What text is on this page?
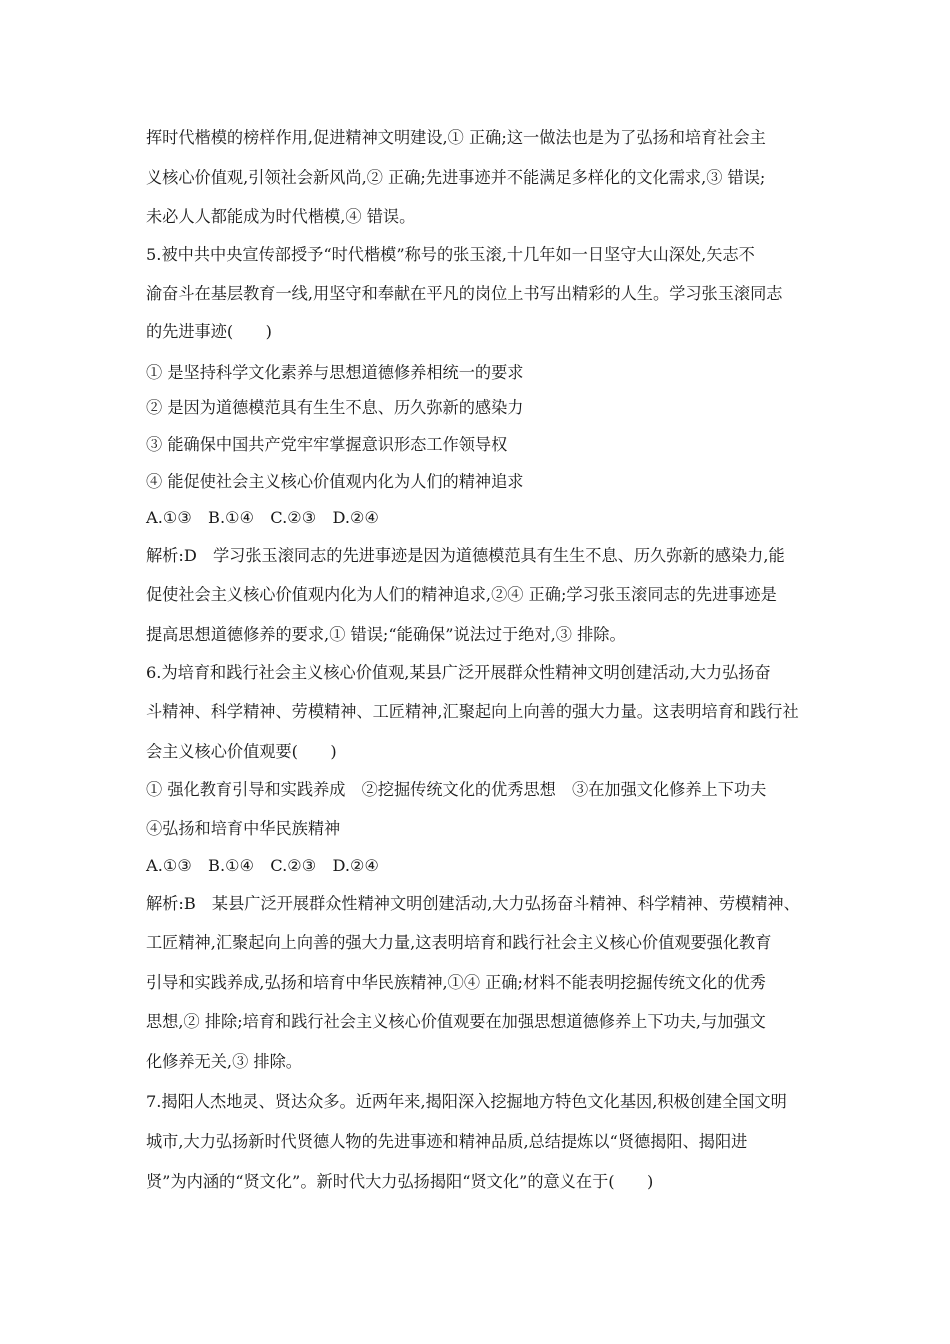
挥时代楷模的榜样作用,促进精神文明建设,① 正确;这一做法也是为了弘扬和培育社会主
义核心价值观,引领社会新风尚,② 正确;先进事迹并不能满足多样化的文化需求,③ 错误;
未必人人都能成为时代楷模,④ 错误。
5.被中共中央宣传部授予“时代楷模”称号的张玉滚,十几年如一日坚守大山深处,矢志不
渝奋斗在基层教育一线,用坚守和奉献在平凡的岗位上书写出精彩的人生。学习张玉滚同志
的先进事迹(　　)
① 是坚持科学文化素养与思想道德修养相统一的要求
② 是因为道德模范具有生生不息、历久弥新的感染力
③ 能确保中国共产党牢牢掌握意识形态工作领导权
④ 能促使社会主义核心价值观内化为人们的精神追求
A.①③　B.①④　C.②③　D.②④
解析:D　学习张玉滚同志的先进事迹是因为道德模范具有生生不息、历久弥新的感染力,能
促使社会主义核心价值观内化为人们的精神追求,②④ 正确;学习张玉滚同志的先进事迹是
提高思想道德修养的要求,① 错误;“能确保”说法过于绝对,③ 排除。
6.为培育和践行社会主义核心价值观,某县广泛开展群众性精神文明创建活动,大力弘扬奋
斗精神、科学精神、劳模精神、工匠精神,汇聚起向上向善的强大力量。这表明培育和践行社
会主义核心价值观要(　　)
① 强化教育引导和实践养成　②挖掘传统文化的优秀思想　③在加强文化修养上下功夫
④弘扬和培育中华民族精神
A.①③　B.①④　C.②③　D.②④
解析:B　某县广泛开展群众性精神文明创建活动,大力弘扬奋斗精神、科学精神、劳模精神、
工匠精神,汇聚起向上向善的强大力量,这表明培育和践行社会主义核心价值观要强化教育
引导和实践养成,弘扬和培育中华民族精神,①④ 正确;材料不能表明挖掘传统文化的优秀
思想,② 排除;培育和践行社会主义核心价值观要在加强思想道德修养上下功夫,与加强文
化修养无关,③ 排除。
7.揭阳人杰地灵、贤达众多。近两年来,揭阳深入挖掘地方特色文化基因,积极创建全国文明
城市,大力弘扬新时代贤德人物的先进事迹和精神品质,总结提炼以“贤德揭阳、揭阳进
贤”为内涵的“贤文化”。新时代大力弘扬揭阳“贤文化”的意义在于(　　)
